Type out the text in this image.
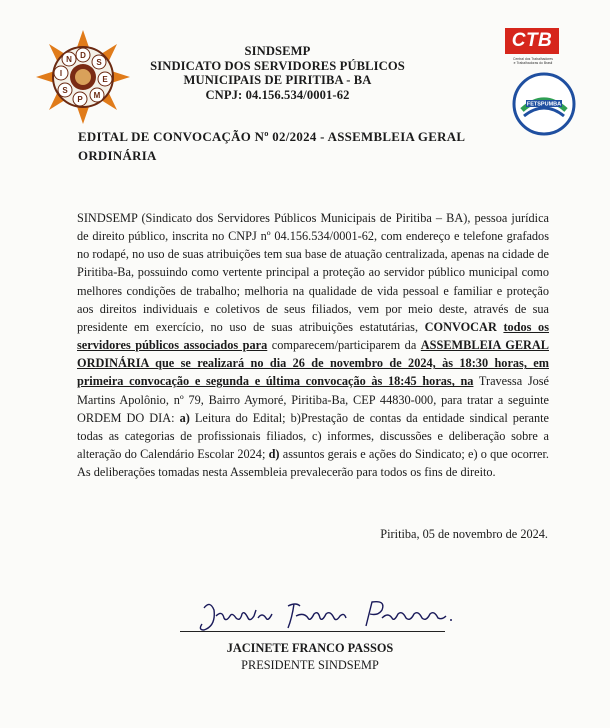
D
S
E
M
P
S
I
N
SINDSEMP
SINDICATO DOS SERVIDORES PÚBLICOS
MUNICIPAIS DE PIRITIBA - BA
CNPJ: 04.156.534/0001-62
CTB
Central dos Trabalhadores
e Trabalhadoras do Brasil
FETSPUMBA
EDITAL DE CONVOCAÇÃO Nº 02/2024 - ASSEMBLEIA GERAL
ORDINÁRIA

SINDSEMP (Sindicato dos Servidores Públicos Municipais de Piritiba – BA), pessoa jurídica de direito público, inscrita no CNPJ nº 04.156.534/0001-62, com endereço e telefone grafados no rodapé, no uso de suas atribuições tem sua base de atuação centralizada, apenas na cidade de Piritiba-Ba, possuindo como vertente principal a proteção ao servidor público municipal como melhores condições de trabalho; melhoria na qualidade de vida pessoal e familiar e proteção aos direitos individuais e coletivos de seus filiados, vem por meio deste, através de sua presidente em exercício, no uso de suas atribuições estatutárias, CONVOCAR todos os servidores públicos associados para comparecem/participarem da ASSEMBLEIA GERAL ORDINÁRIA que se realizará no dia 26 de novembro de 2024, às 18:30 horas, em primeira convocação e segunda e última convocação às 18:45 horas, na Travessa José Martins Apolônio, nº 79, Bairro Aymoré, Piritiba-Ba, CEP 44830-000, para tratar a seguinte ORDEM DO DIA: a) Leitura do Edital; b)Prestação de contas da entidade sindical perante todas as categorias de profissionais filiados, c) informes, discussões e deliberação sobre a alteração do Calendário Escolar 2024; d) assuntos gerais e ações do Sindicato; e) o que ocorrer. As deliberações tomadas nesta Assembleia prevalecerão para todos os fins de direito.

Piritiba, 05 de novembro de 2024.
JACINETE FRANCO PASSOS
PRESIDENTE SINDSEMP
